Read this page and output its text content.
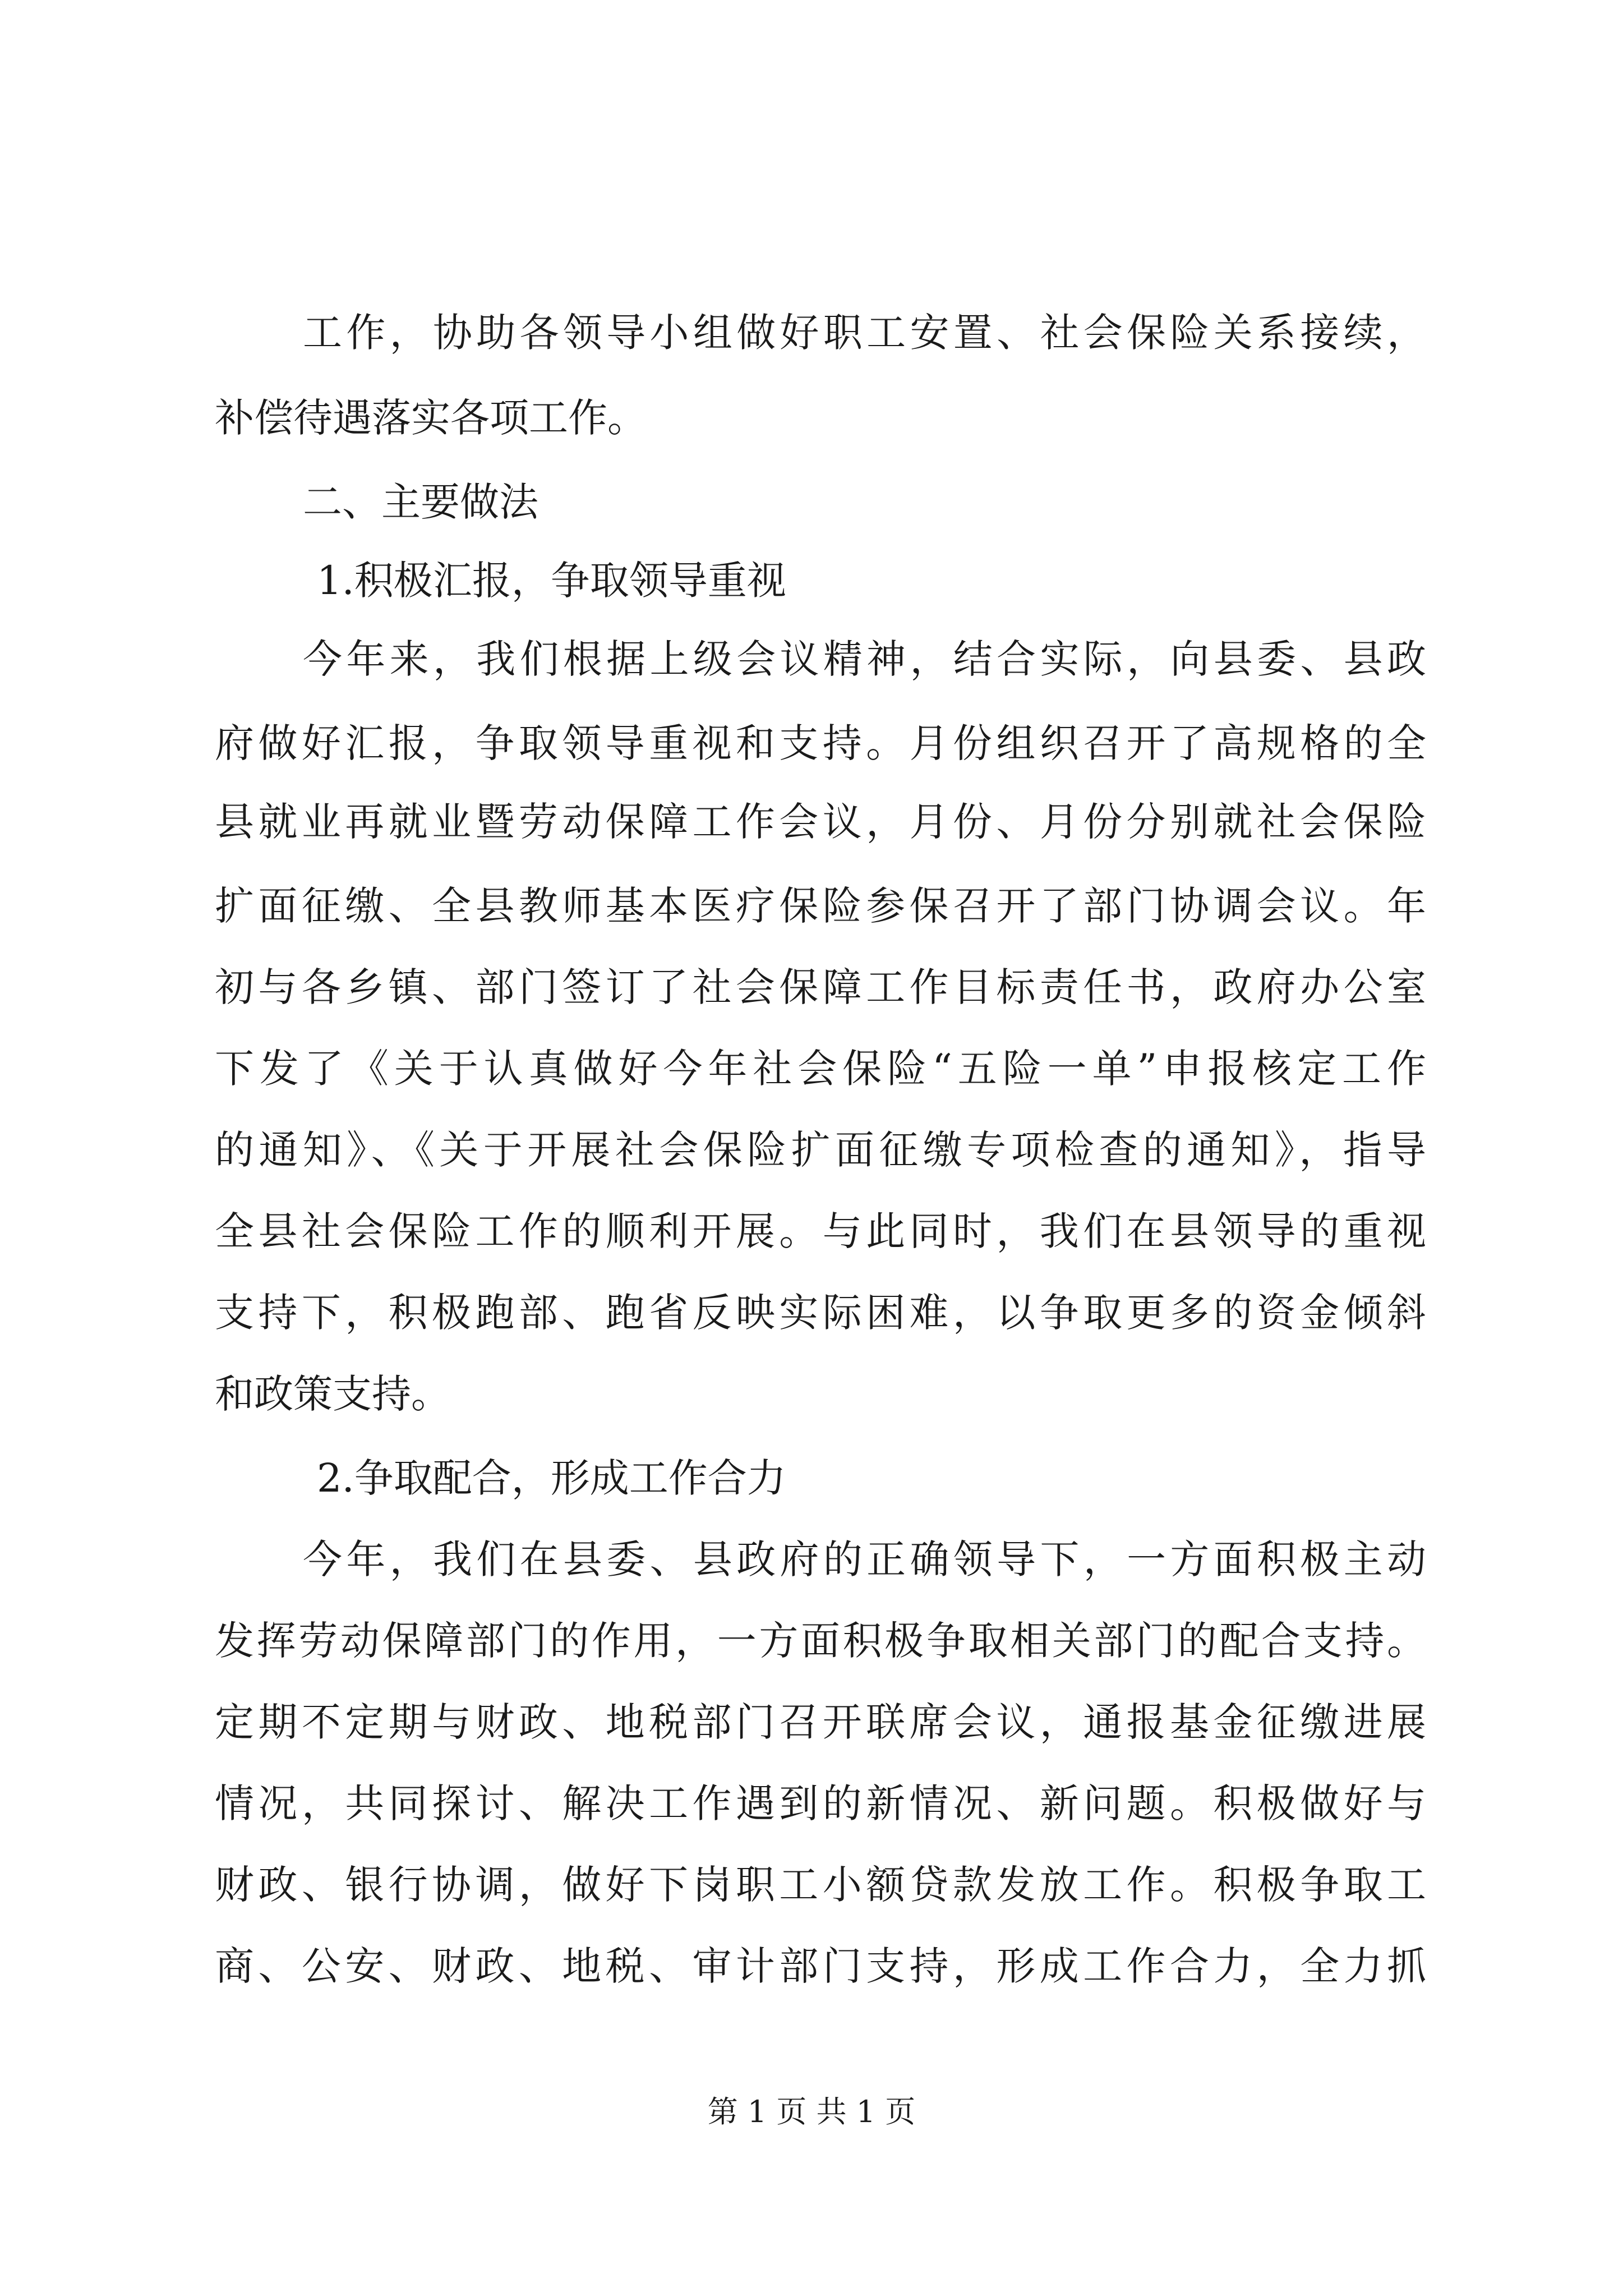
工作，协助各领导小组做好职工安置、社会保险关系接续，
补偿待遇落实各项工作。
二、主要做法
1.积极汇报，争取领导重视
今年来，我们根据上级会议精神，结合实际，向县委、县政
府做好汇报，争取领导重视和支持。月份组织召开了高规格的全
县就业再就业暨劳动保障工作会议，月份、月份分别就社会保险
扩面征缴、全县教师基本医疗保险参保召开了部门协调会议。年
初与各乡镇、部门签订了社会保障工作目标责任书，政府办公室
下发了《关于认真做好今年社会保险“五险一单”申报核定工作
的通知》、《关于开展社会保险扩面征缴专项检查的通知》，指导
全县社会保险工作的顺利开展。与此同时，我们在县领导的重视
支持下，积极跑部、跑省反映实际困难，以争取更多的资金倾斜
和政策支持。
2.争取配合，形成工作合力
今年，我们在县委、县政府的正确领导下，一方面积极主动
发挥劳动保障部门的作用，一方面积极争取相关部门的配合支持。
定期不定期与财政、地税部门召开联席会议，通报基金征缴进展
情况，共同探讨、解决工作遇到的新情况、新问题。积极做好与
财政、银行协调，做好下岗职工小额贷款发放工作。积极争取工
商、公安、财政、地税、审计部门支持，形成工作合力，全力抓
第 1 页 共 1 页
